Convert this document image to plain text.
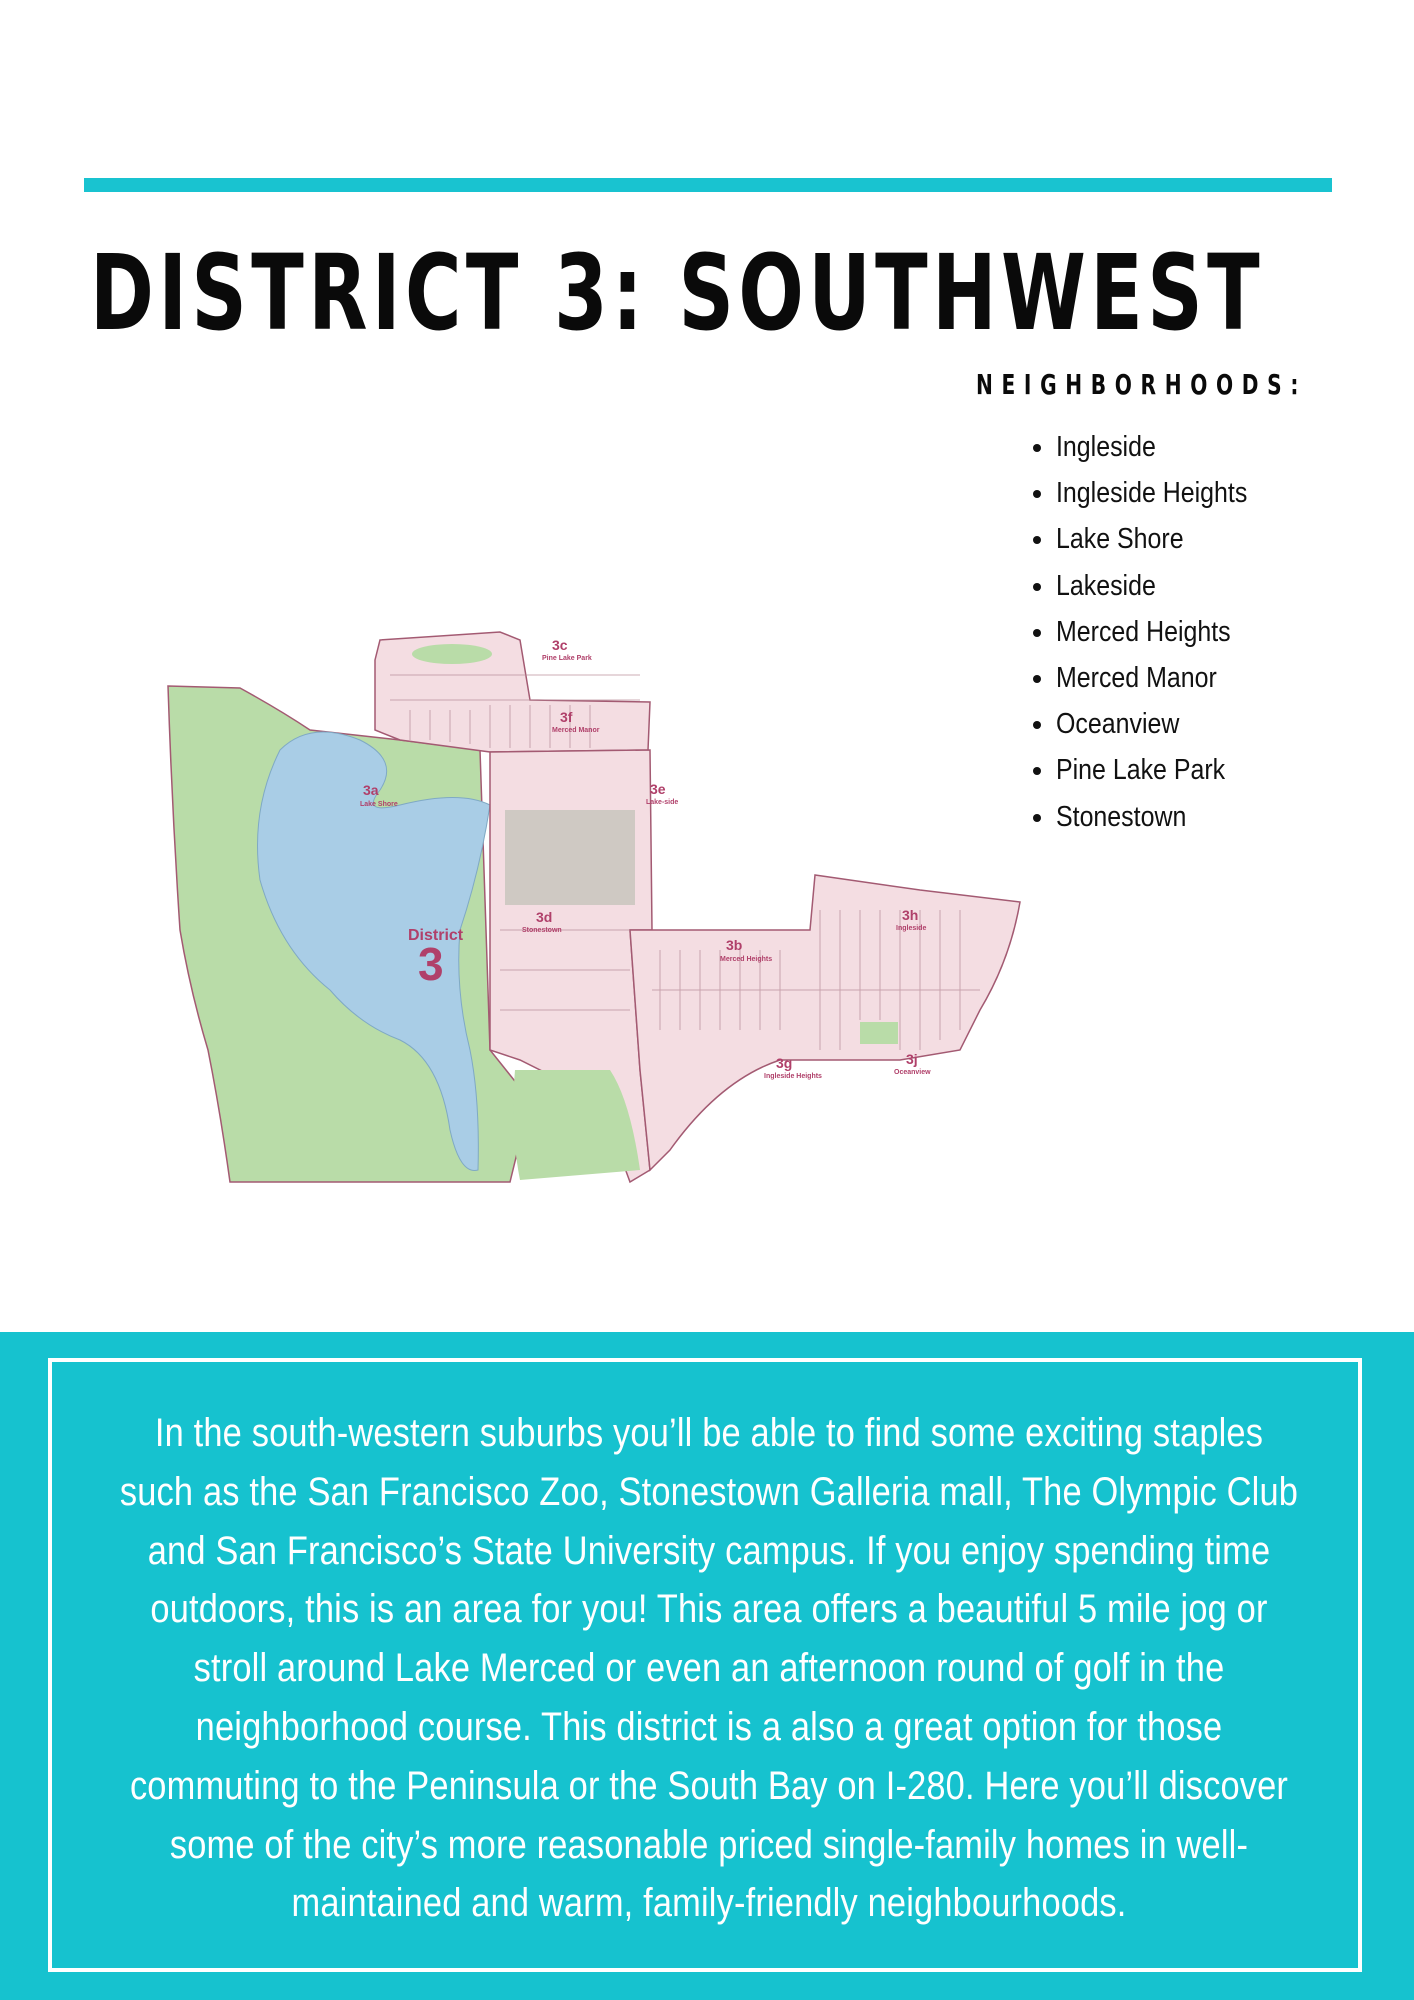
DISTRICT 3: SOUTHWEST
NEIGHBORHOODS:
• Ingleside
• Ingleside Heights
• Lake Shore
• Lakeside
• Merced Heights
• Merced Manor
• Oceanview
• Pine Lake Park
• Stonestown
District
3
3a
Lake Shore
3b
Merced Heights
3c
Pine Lake Park
3d
Stonestown
3e
Lake-side
3f
Merced Manor
3g
Ingleside Heights
3h
Ingleside
3j
Oceanview

In the south-western suburbs you’ll be able to find some exciting staples such as the San Francisco Zoo, Stonestown Galleria mall, The Olympic Club and San Francisco’s State University campus. If you enjoy spending time outdoors, this is an area for you! This area offers a beautiful 5 mile jog or stroll around Lake Merced or even an afternoon round of golf in the neighborhood course. This district is a also a great option for those commuting to the Peninsula or the South Bay on I-280. Here you’ll discover some of the city’s more reasonable priced single-family homes in well-maintained and warm, family-friendly neighbourhoods.
